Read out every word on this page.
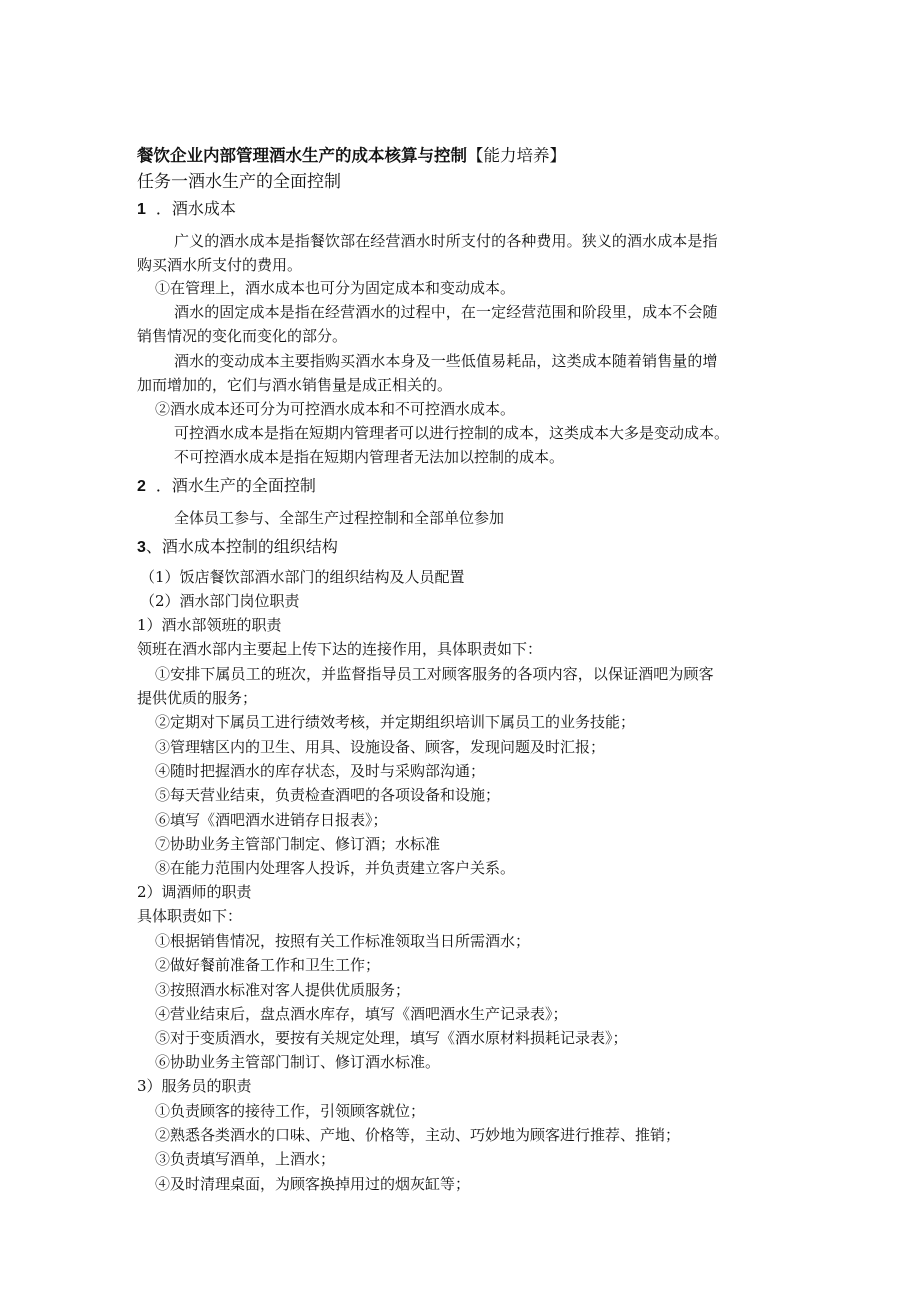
餐饮企业内部管理酒水生产的成本核算与控制【能力培养】
任务一酒水生产的全面控制
1 ．酒水成本
广义的酒水成本是指餐饮部在经营酒水时所支付的各种费用。狭义的酒水成本是指
购买酒水所支付的费用。
①在管理上，酒水成本也可分为固定成本和变动成本。
酒水的固定成本是指在经营酒水的过程中，在一定经营范围和阶段里，成本不会随
销售情况的变化而变化的部分。
酒水的变动成本主要指购买酒水本身及一些低值易耗品，这类成本随着销售量的增
加而增加的，它们与酒水销售量是成正相关的。
②酒水成本还可分为可控酒水成本和不可控酒水成本。
可控酒水成本是指在短期内管理者可以进行控制的成本，这类成本大多是变动成本。
不可控酒水成本是指在短期内管理者无法加以控制的成本。
2 ．酒水生产的全面控制
全体员工参与、全部生产过程控制和全部单位参加
3、酒水成本控制的组织结构
（1）饭店餐饮部酒水部门的组织结构及人员配置
（2）酒水部门岗位职责
1）酒水部领班的职责
领班在酒水部内主要起上传下达的连接作用，具体职责如下：
①安排下属员工的班次，并监督指导员工对顾客服务的各项内容，以保证酒吧为顾客
提供优质的服务；
②定期对下属员工进行绩效考核，并定期组织培训下属员工的业务技能；
③管理辖区内的卫生、用具、设施设备、顾客，发现问题及时汇报；
④随时把握酒水的库存状态，及时与采购部沟通；
⑤每天营业结束，负责检查酒吧的各项设备和设施；
⑥填写《酒吧酒水进销存日报表》；
⑦协助业务主管部门制定、修订酒；水标准
⑧在能力范围内处理客人投诉，并负责建立客户关系。
2）调酒师的职责
具体职责如下：
①根据销售情况，按照有关工作标准领取当日所需酒水；
②做好餐前准备工作和卫生工作；
③按照酒水标准对客人提供优质服务；
④营业结束后，盘点酒水库存，填写《酒吧酒水生产记录表》；
⑤对于变质酒水，要按有关规定处理，填写《酒水原材料损耗记录表》；
⑥协助业务主管部门制订、修订酒水标准。
3）服务员的职责
①负责顾客的接待工作，引领顾客就位；
②熟悉各类酒水的口味、产地、价格等，主动、巧妙地为顾客进行推荐、推销；
③负责填写酒单，上酒水；
④及时清理桌面，为顾客换掉用过的烟灰缸等；
